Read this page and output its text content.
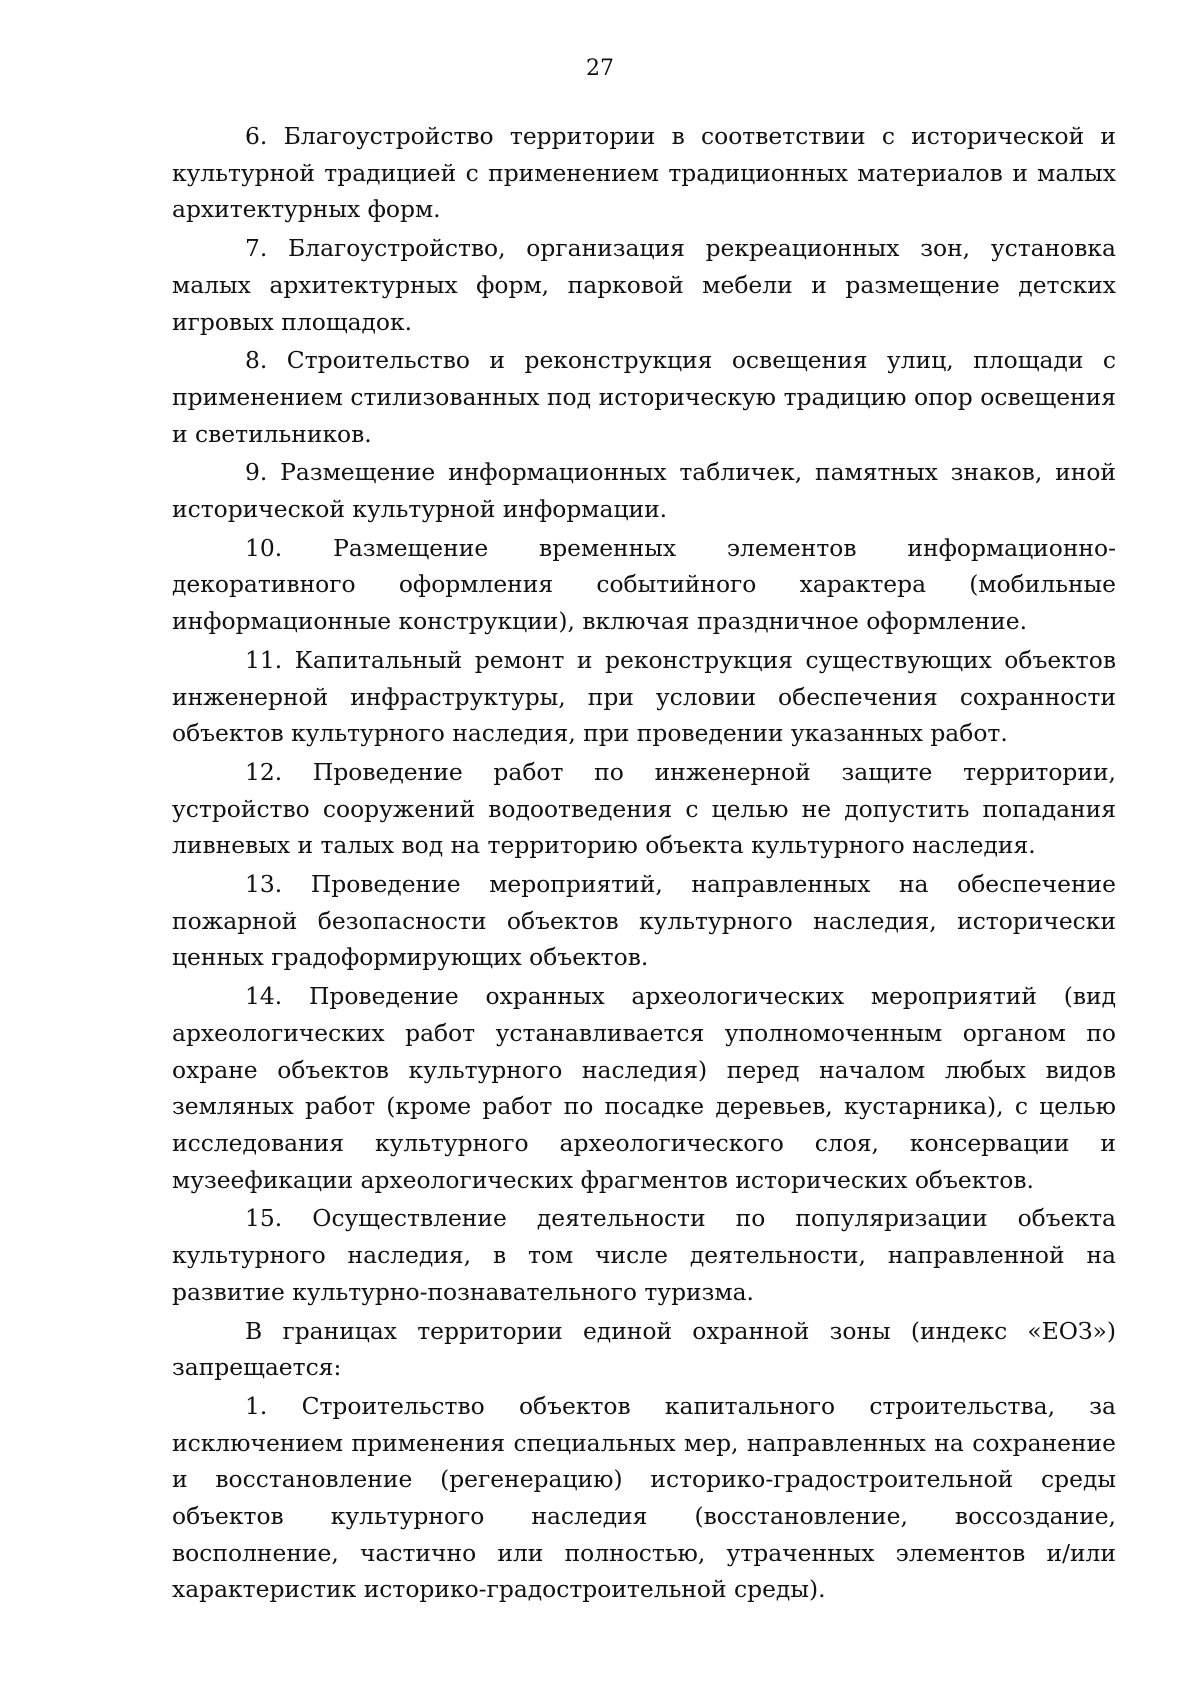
27

6. Благоустройство территории в соответствии с исторической и культурной традицией с применением традиционных материалов и малых архитектурных форм.

7. Благоустройство, организация рекреационных зон, установка малых архитектурных форм, парковой мебели и размещение детских игровых площадок.

8. Строительство и реконструкция освещения улиц, площади с применением стилизованных под историческую традицию опор освещения и светильников.

9. Размещение информационных табличек, памятных знаков, иной исторической культурной информации.

10. Размещение временных элементов информационно-декоративного оформления событийного характера (мобильные информационные конструкции), включая праздничное оформление.

11. Капитальный ремонт и реконструкция существующих объектов инженерной инфраструктуры, при условии обеспечения сохранности объектов культурного наследия, при проведении указанных работ.

12. Проведение работ по инженерной защите территории, устройство сооружений водоотведения с целью не допустить попадания ливневых и талых вод на территорию объекта культурного наследия.

13. Проведение мероприятий, направленных на обеспечение пожарной безопасности объектов культурного наследия, исторически ценных градоформирующих объектов.

14. Проведение охранных археологических мероприятий (вид археологических работ устанавливается уполномоченным органом по охране объектов культурного наследия) перед началом любых видов земляных работ (кроме работ по посадке деревьев, кустарника), с целью исследования культурного археологического слоя, консервации и музеефикации археологических фрагментов исторических объектов.

15. Осуществление деятельности по популяризации объекта культурного наследия, в том числе деятельности, направленной на развитие культурно-познавательного туризма.

В границах территории единой охранной зоны (индекс «ЕОЗ») запрещается:

1. Строительство объектов капитального строительства, за исключением применения специальных мер, направленных на сохранение и восстановление (регенерацию) историко-градостроительной среды объектов культурного наследия (восстановление, воссоздание, восполнение, частично или полностью, утраченных элементов и/или характеристик историко-градостроительной среды).
